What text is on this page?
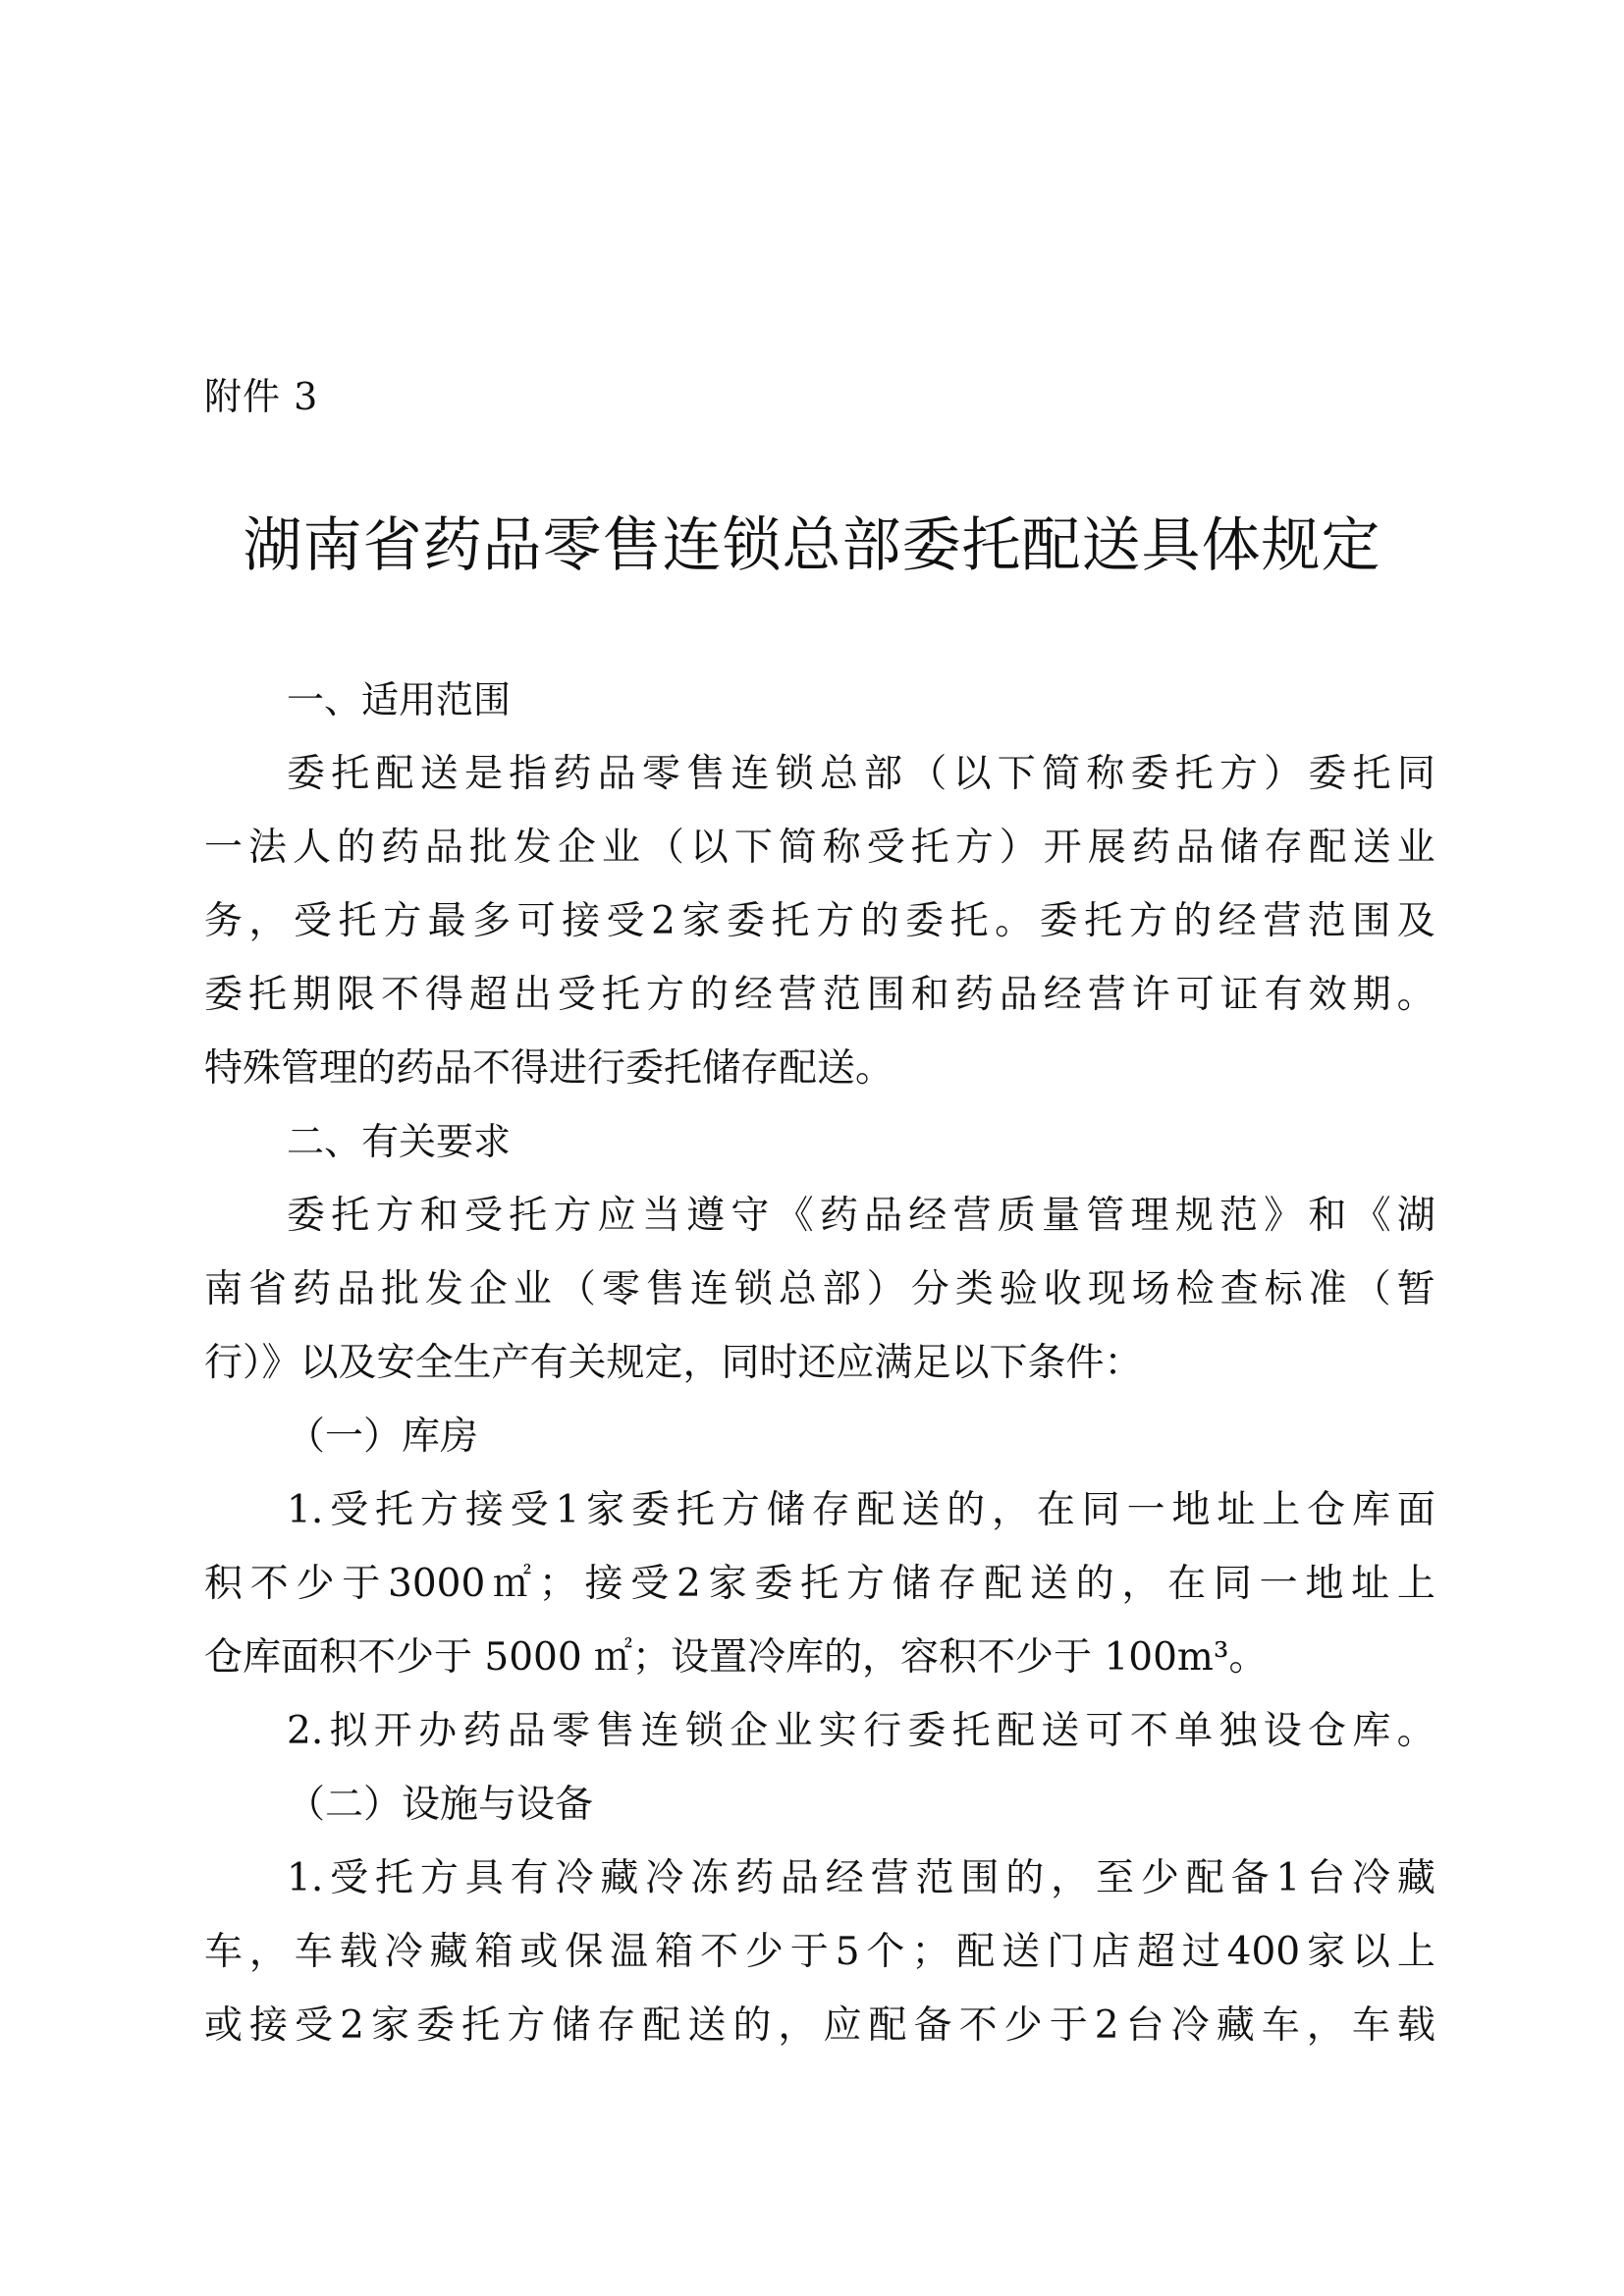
附件 3
湖南省药品零售连锁总部委托配送具体规定
一、适用范围
委 托 配 送 是 指 药 品 零 售 连 锁 总 部 （ 以 下 简 称 委 托 方 ） 委 托 同
一 法 人 的 药 品 批 发 企 业 （ 以 下 简 称 受 托 方 ） 开 展 药 品 储 存 配 送 业
务 ， 受 托 方 最 多 可 接 受 2 家 委 托 方 的 委 托 。 委 托 方 的 经 营 范 围 及
委 托 期 限 不 得 超 出 受 托 方 的 经 营 范 围 和 药 品 经 营 许 可 证 有 效 期 。
特殊管理的药品不得进行委托储存配送。
二、有关要求
委 托 方 和 受 托 方 应 当 遵 守 《 药 品 经 营 质 量 管 理 规 范 》 和 《 湖
南 省 药 品 批 发 企 业 （ 零 售 连 锁 总 部 ） 分 类 验 收 现 场 检 查 标 准 （ 暂
行）》以及安全生产有关规定，同时还应满足以下条件：
（一）库房
1. 受 托 方 接 受 1 家 委 托 方 储 存 配 送 的 ， 在 同 一 地 址 上 仓 库 面
积 不 少 于 3000 ㎡ ； 接 受 2 家 委 托 方 储 存 配 送 的 ， 在 同 一 地 址 上
仓库面积不少于 5000 ㎡；设置冷库的，容积不少于 100m³。
2. 拟 开 办 药 品 零 售 连 锁 企 业 实 行 委 托 配 送 可 不 单 独 设 仓 库 。
（二）设施与设备
1. 受 托 方 具 有 冷 藏 冷 冻 药 品 经 营 范 围 的 ， 至 少 配 备 1 台 冷 藏
车 ， 车 载 冷 藏 箱 或 保 温 箱 不 少 于 5 个 ； 配 送 门 店 超 过 400 家 以 上
或 接 受 2 家 委 托 方 储 存 配 送 的 ， 应 配 备 不 少 于 2 台 冷 藏 车 ， 车 载
